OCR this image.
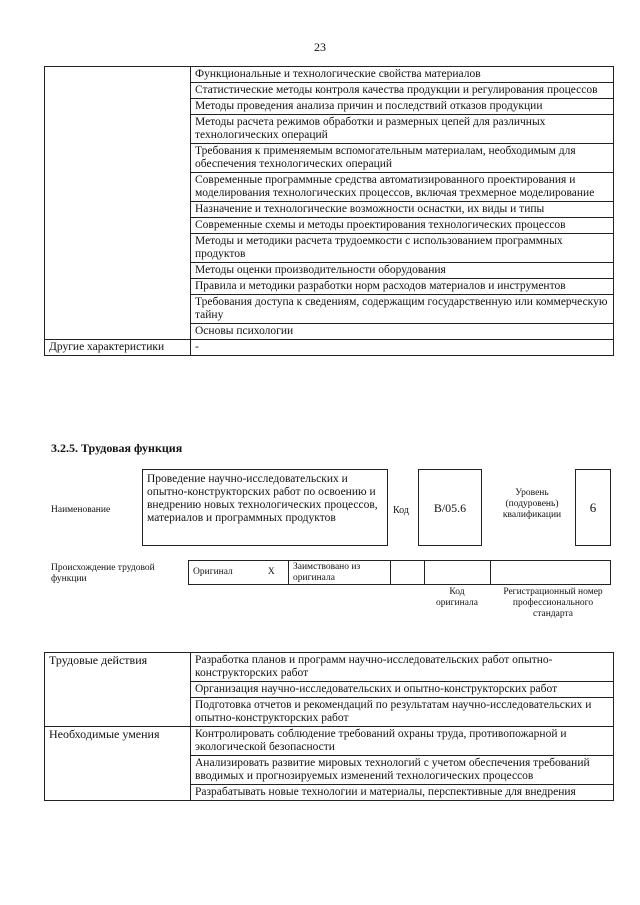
23
	Функциональные и технологические свойства материалов
	Статистические методы контроля качества продукции и регулирования процессов
	Методы проведения анализа причин и последствий отказов продукции
	Методы расчета режимов обработки и размерных цепей для различных технологических операций
	Требования к применяемым вспомогательным материалам, необходимым для обеспечения технологических операций
	Современные программные средства автоматизированного проектирования и моделирования технологических процессов, включая трехмерное моделирование
	Назначение и технологические возможности оснастки, их виды и типы
	Современные схемы и методы проектирования технологических процессов
	Методы и методики расчета трудоемкости с использованием программных продуктов
	Методы оценки производительности оборудования
	Правила и методики разработки норм расходов материалов и инструментов
	Требования доступа к сведениям, содержащим государственную или коммерческую тайну
	Основы психологии
Другие характеристики	-
3.2.5. Трудовая функция
Наименование
Проведение научно-исследовательских и опытно-конструкторских работ по освоению и внедрению новых технологических процессов, материалов и программных продуктов
Код	B/05.6
Уровень (подуровень) квалификации	6
Происхождение трудовой функции
Оригинал	X	Заимствовано из оригинала			
Код оригинала
Регистрационный номер профессионального стандарта
Трудовые действия	Разработка планов и программ научно-исследовательских работ опытно-конструкторских работ
	Организация научно-исследовательских и опытно-конструкторских работ
	Подготовка отчетов и рекомендаций по результатам научно-исследовательских и опытно-конструкторских работ
Необходимые умения	Контролировать соблюдение требований охраны труда, противопожарной и экологической безопасности
	Анализировать развитие мировых технологий с учетом обеспечения требований вводимых и прогнозируемых изменений технологических процессов
	Разрабатывать новые технологии и материалы, перспективные для внедрения
